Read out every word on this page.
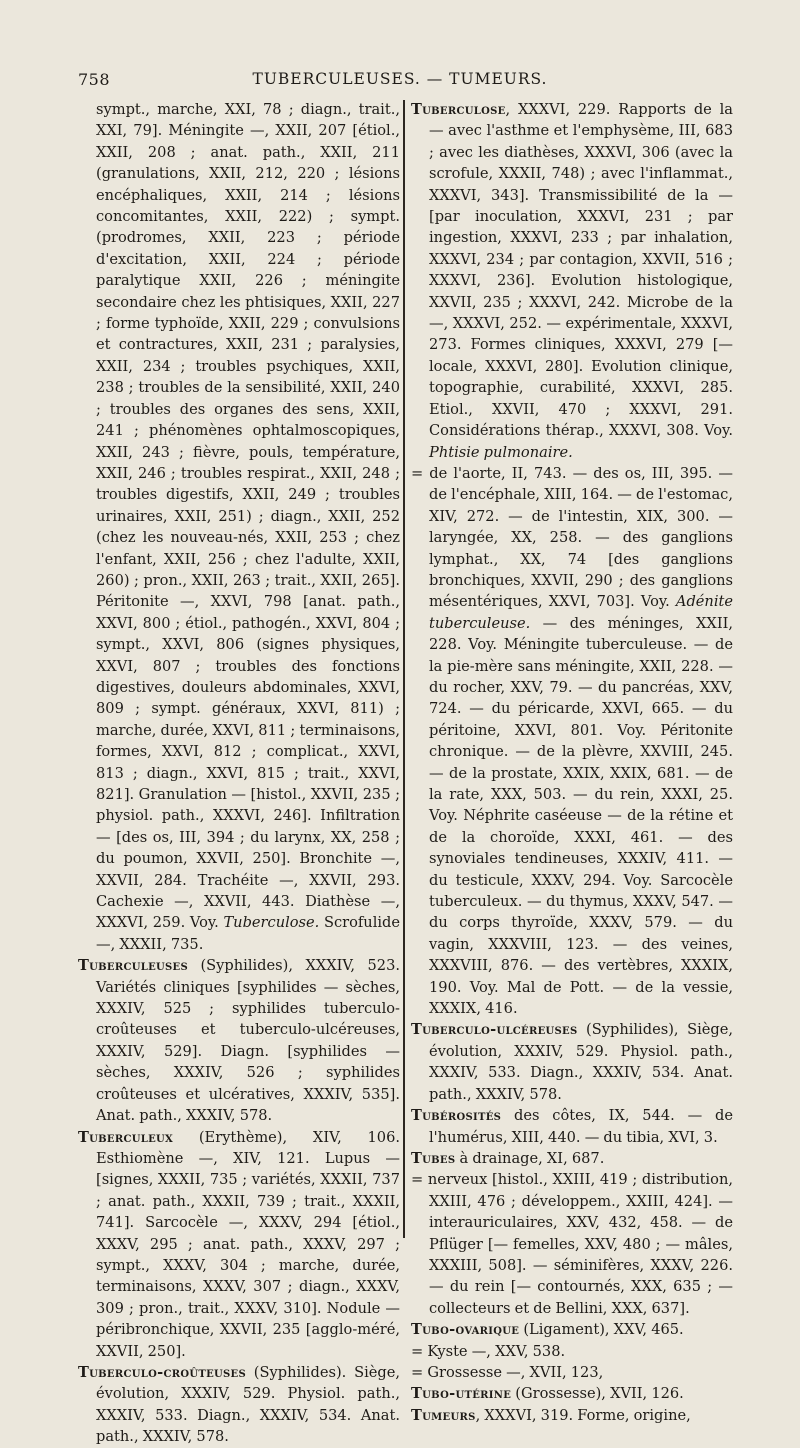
758	TUBERCULEUSES. — TUMEURS.

sympt., marche, XXI, 78 ; diagn., trait., XXI, 79]. Méningite —, XXII, 207 [étiol., XXII, 208 ; anat. path., XXII, 211 (granulations, XXII, 212, 220 ; lésions encéphaliques, XXII, 214 ; lésions concomitantes, XXII, 222) ; sympt. (prodromes, XXII, 223 ; période d'excitation, XXII, 224 ; période paralytique XXII, 226 ; méningite secondaire chez les phtisiques, XXII, 227 ; forme typhoïde, XXII, 229 ; convulsions et contractures, XXII, 231 ; paralysies, XXII, 234 ; troubles psychiques, XXII, 238 ; troubles de la sensibilité, XXII, 240 ; troubles des organes des sens, XXII, 241 ; phénomènes ophtalmoscopiques, XXII, 243 ; fièvre, pouls, température, XXII, 246 ; troubles respirat., XXII, 248 ; troubles digestifs, XXII, 249 ; troubles urinaires, XXII, 251) ; diagn., XXII, 252 (chez les nouveau-nés, XXII, 253 ; chez l'enfant, XXII, 256 ; chez l'adulte, XXII, 260) ; pron., XXII, 263 ; trait., XXII, 265]. Péritonite —, XXVI, 798 [anat. path., XXVI, 800 ; étiol., pathogén., XXVI, 804 ; sympt., XXVI, 806 (signes physiques, XXVI, 807 ; troubles des fonctions digestives, douleurs abdominales, XXVI, 809 ; sympt. généraux, XXVI, 811) ; marche, durée, XXVI, 811 ; terminaisons, formes, XXVI, 812 ; complicat., XXVI, 813 ; diagn., XXVI, 815 ; trait., XXVI, 821]. Granulation — [histol., XXVII, 235 ; physiol. path., XXXVI, 246]. Infiltration — [des os, III, 394 ; du larynx, XX, 258 ; du poumon, XXVII, 250]. Bronchite —, XXVII, 284. Trachéite —, XXVII, 293. Cachexie —, XXVII, 443. Diathèse —, XXXVI, 259. Voy. Tuberculose. Scrofulide —, XXXII, 735.

Tuberculeuses (Syphilides), XXXIV, 523. Variétés cliniques [syphilides — sèches, XXXIV, 525 ; syphilides tuberculo-croûteuses et tuberculo-ulcéreuses, XXXIV, 529]. Diagn. [syphilides — sèches, XXXIV, 526 ; syphilides croûteuses et ulcératives, XXXIV, 535]. Anat. path., XXXIV, 578.

Tuberculeux (Erythème), XIV, 106. Esthiomène —, XIV, 121. Lupus — [signes, XXXII, 735 ; variétés, XXXII, 737 ; anat. path., XXXII, 739 ; trait., XXXII, 741]. Sarcocèle —, XXXV, 294 [étiol., XXXV, 295 ; anat. path., XXXV, 297 ; sympt., XXXV, 304 ; marche, durée, terminaisons, XXXV, 307 ; diagn., XXXV, 309 ; pron., trait., XXXV, 310]. Nodule — péribronchique, XXVII, 235 [agglo-méré, XXVII, 250].

Tuberculo-croûteuses (Syphilides). Siège, évolution, XXXIV, 529. Physiol. path., XXXIV, 533. Diagn., XXXIV, 534. Anat. path., XXXIV, 578.

Tuberculose, XXXVI, 229. Rapports de la — avec l'asthme et l'emphysème, III, 683 ; avec les diathèses, XXXVI, 306 (avec la scrofule, XXXII, 748) ; avec l'inflammat., XXXVI, 343]. Transmissibilité de la — [par inoculation, XXXVI, 231 ; par ingestion, XXXVI, 233 ; par inhalation, XXXVI, 234 ; par contagion, XXVII, 516 ; XXXVI, 236]. Evolution histologique, XXVII, 235 ; XXXVI, 242. Microbe de la —, XXXVI, 252. — expérimentale, XXXVI, 273. Formes cliniques, XXXVI, 279 [— locale, XXXVI, 280]. Evolution clinique, topographie, curabilité, XXXVI, 285. Etiol., XXVII, 470 ; XXXVI, 291. Considérations thérap., XXXVI, 308. Voy. Phtisie pulmonaire.

= de l'aorte, II, 743. — des os, III, 395. — de l'encéphale, XIII, 164. — de l'estomac, XIV, 272. — de l'intestin, XIX, 300. — laryngée, XX, 258. — des ganglions lymphat., XX, 74 [des ganglions bronchiques, XXVII, 290 ; des ganglions mésentériques, XXVI, 703]. Voy. Adénite tuberculeuse. — des méninges, XXII, 228. Voy. Méningite tuberculeuse. — de la pie-mère sans méningite, XXII, 228. — du rocher, XXV, 79. — du pancréas, XXV, 724. — du péricarde, XXVI, 665. — du péritoine, XXVI, 801. Voy. Péritonite chronique. — de la plèvre, XXVIII, 245. — de la prostate, XXIX, XXIX, 681. — de la rate, XXX, 503. — du rein, XXXI, 25. Voy. Néphrite caséeuse — de la rétine et de la choroïde, XXXI, 461. — des synoviales tendineuses, XXXIV, 411. — du testicule, XXXV, 294. Voy. Sarcocèle tuberculeux. — du thymus, XXXV, 547. — du corps thyroïde, XXXV, 579. — du vagin, XXXVIII, 123. — des veines, XXXVIII, 876. — des vertèbres, XXXIX, 190. Voy. Mal de Pott. — de la vessie, XXXIX, 416.

Tuberculo-ulcéreuses (Syphilides), Siège, évolution, XXXIV, 529. Physiol. path., XXXIV, 533. Diagn., XXXIV, 534. Anat. path., XXXIV, 578.

Tubérosités des côtes, IX, 544. — de l'humérus, XIII, 440. — du tibia, XVI, 3.

Tubes à drainage, XI, 687.

= nerveux [histol., XXIII, 419 ; distribution, XXIII, 476 ; développem., XXIII, 424]. — interauriculaires, XXV, 432, 458. — de Pflüger [— femelles, XXV, 480 ; — mâles, XXXIII, 508]. — séminifères, XXXV, 226. — du rein [— contournés, XXX, 635 ; — collecteurs et de Bellini, XXX, 637].

Tubo-ovarique (Ligament), XXV, 465.

= Kyste —, XXV, 538.

= Grossesse —, XVII, 123,

Tubo-utérine (Grossesse), XVII, 126.

Tumeurs, XXXVI, 319. Forme, origine,
